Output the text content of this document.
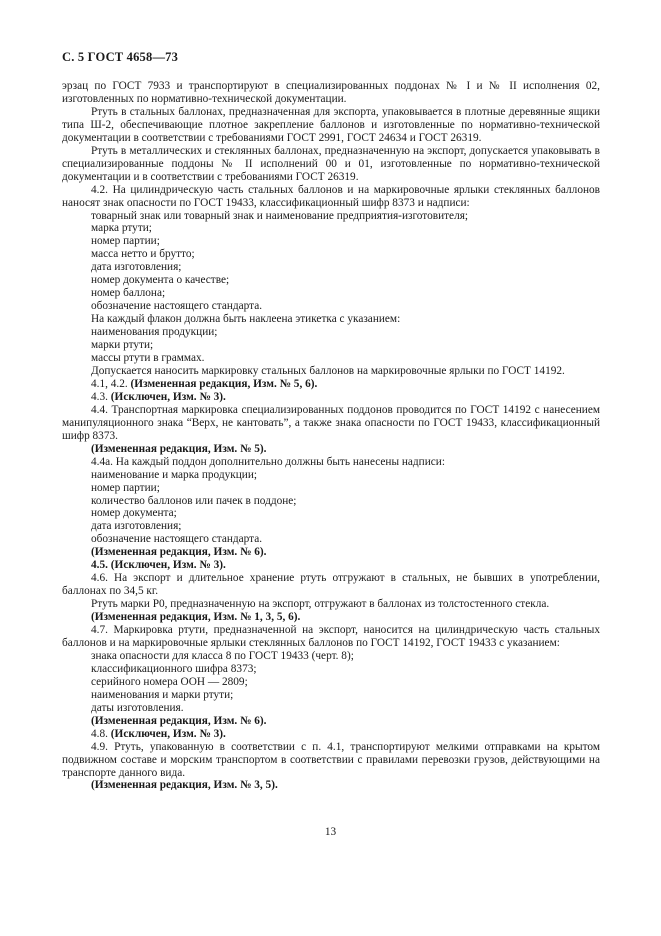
С. 5 ГОСТ 4658—73

эрзац по ГОСТ 7933 и транспортируют в специализированных поддонах № I и № II исполнения 02, изготовленных по нормативно-технической документации.

Ртуть в стальных баллонах, предназначенная для экспорта, упаковывается в плотные деревянные ящики типа Ш-2, обеспечивающие плотное закрепление баллонов и изготовленные по нормативно-технической документации в соответствии с требованиями ГОСТ 2991, ГОСТ 24634 и ГОСТ 26319.

Ртуть в металлических и стеклянных баллонах, предназначенную на экспорт, допускается упаковывать в специализированные поддоны № II исполнений 00 и 01, изготовленные по нормативно-технической документации и в соответствии с требованиями ГОСТ 26319.

4.2. На цилиндрическую часть стальных баллонов и на маркировочные ярлыки стеклянных баллонов наносят знак опасности по ГОСТ 19433, классификационный шифр 8373 и надписи:

товарный знак или товарный знак и наименование предприятия-изготовителя;

марка ртути;

номер партии;

масса нетто и брутто;

дата изготовления;

номер документа о качестве;

номер баллона;

обозначение настоящего стандарта.

На каждый флакон должна быть наклеена этикетка с указанием:

наименования продукции;

марки ртути;

массы ртути в граммах.

Допускается наносить маркировку стальных баллонов на маркировочные ярлыки по ГОСТ 14192.

4.1, 4.2. (Измененная редакция, Изм. № 5, 6).

4.3. (Исключен, Изм. № 3).

4.4. Транспортная маркировка специализированных поддонов проводится по ГОСТ 14192 с нанесением манипуляционного знака “Верх, не кантовать”, а также знака опасности по ГОСТ 19433, классификационный шифр 8373.

(Измененная редакция, Изм. № 5).

4.4а. На каждый поддон дополнительно должны быть нанесены надписи:

наименование и марка продукции;

номер партии;

количество баллонов или пачек в поддоне;

номер документа;

дата изготовления;

обозначение настоящего стандарта.

(Измененная редакция, Изм. № 6).

4.5. (Исключен, Изм. № 3).

4.6. На экспорт и длительное хранение ртуть отгружают в стальных, не бывших в употреблении, баллонах по 34,5 кг.

Ртуть марки Р0, предназначенную на экспорт, отгружают в баллонах из толстостенного стекла.

(Измененная редакция, Изм. № 1, 3, 5, 6).

4.7. Маркировка ртути, предназначенной на экспорт, наносится на цилиндрическую часть стальных баллонов и на маркировочные ярлыки стеклянных баллонов по ГОСТ 14192, ГОСТ 19433 с указанием:

знака опасности для класса 8 по ГОСТ 19433 (черт. 8);

классификационного шифра 8373;

серийного номера ООН — 2809;

наименования и марки ртути;

даты изготовления.

(Измененная редакция, Изм. № 6).

4.8. (Исключен, Изм. № 3).

4.9. Ртуть, упакованную в соответствии с п. 4.1, транспортируют мелкими отправками на крытом подвижном составе и морским транспортом в соответствии с правилами перевозки грузов, действующими на транспорте данного вида.

(Измененная редакция, Изм. № 3, 5).

13
